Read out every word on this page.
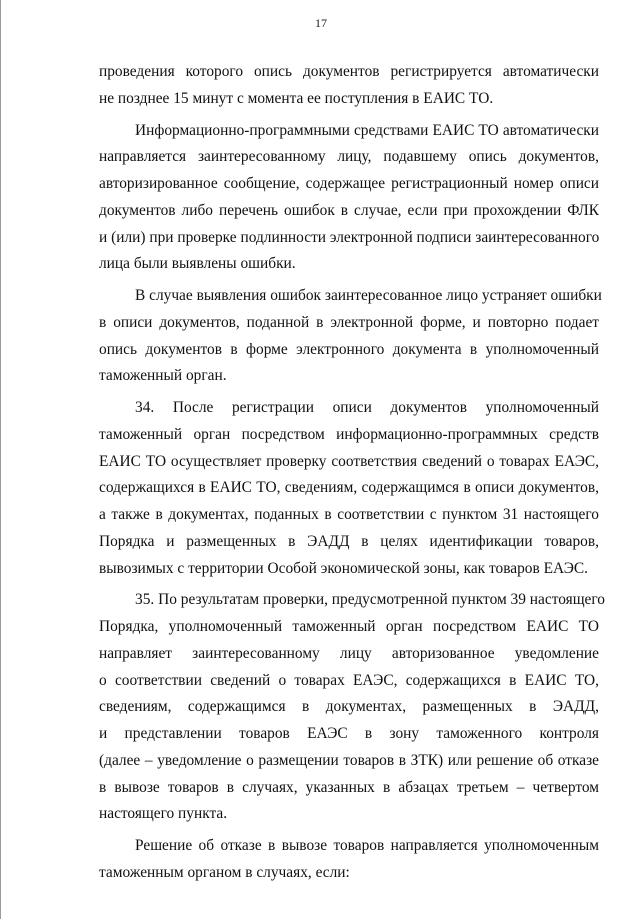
17
проведения которого опись документов регистрируется автоматически
не позднее 15 минут с момента ее поступления в ЕАИС ТО.
Информационно-программными средствами ЕАИС ТО автоматически
направляется заинтересованному лицу, подавшему опись документов,
авторизированное сообщение, содержащее регистрационный номер описи
документов либо перечень ошибок в случае, если при прохождении ФЛК
и (или) при проверке подлинности электронной подписи заинтересованного
лица были выявлены ошибки.
В случае выявления ошибок заинтересованное лицо устраняет ошибки
в описи документов, поданной в электронной форме, и повторно подает
опись документов в форме электронного документа в уполномоченный
таможенный орган.
34. После регистрации описи документов уполномоченный
таможенный орган посредством информационно-программных средств
ЕАИС ТО осуществляет проверку соответствия сведений о товарах ЕАЭС,
содержащихся в ЕАИС ТО, сведениям, содержащимся в описи документов,
а также в документах, поданных в соответствии с пунктом 31 настоящего
Порядка и размещенных в ЭАДД в целях идентификации товаров,
вывозимых с территории Особой экономической зоны, как товаров ЕАЭС.
35. По результатам проверки, предусмотренной пунктом 39 настоящего
Порядка, уполномоченный таможенный орган посредством ЕАИС ТО
направляет заинтересованному лицу авторизованное уведомление
о соответствии сведений о товарах ЕАЭС, содержащихся в ЕАИС ТО,
сведениям, содержащимся в документах, размещенных в ЭАДД,
и представлении товаров ЕАЭС в зону таможенного контроля
(далее – уведомление о размещении товаров в ЗТК) или решение об отказе
в вывозе товаров в случаях, указанных в абзацах третьем – четвертом
настоящего пункта.
Решение об отказе в вывозе товаров направляется уполномоченным
таможенным органом в случаях, если:
